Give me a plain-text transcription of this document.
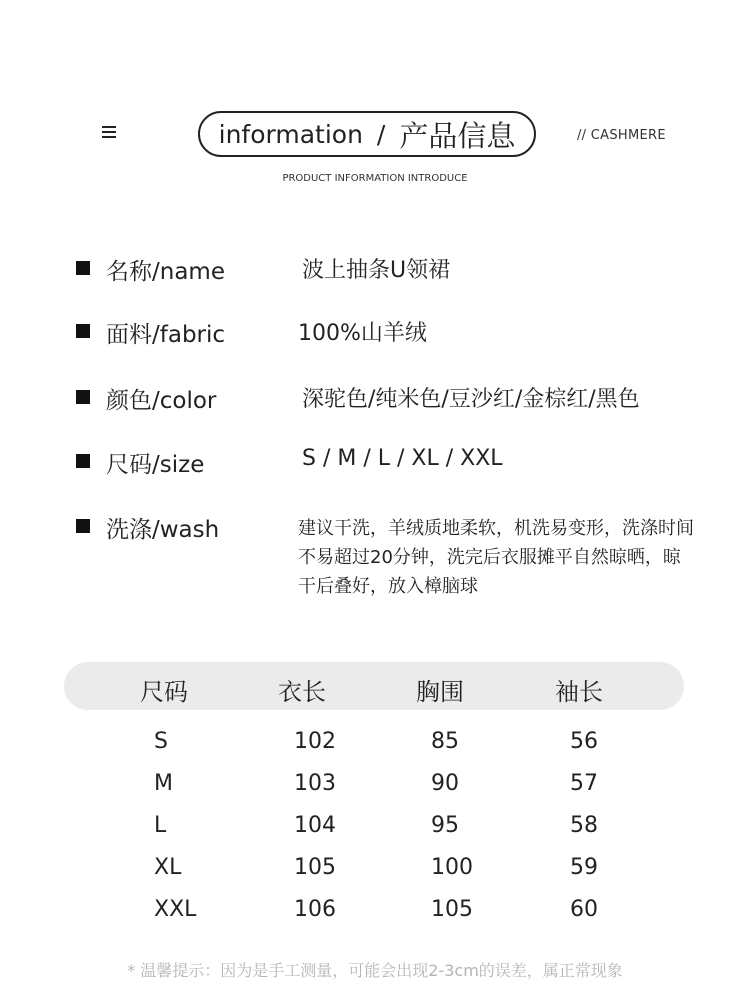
information / 产品信息	// CASHMERE
PRODUCT INFORMATION INTRODUCE
名称/name	波上抽条U领裙
面料/fabric	100%山羊绒
颜色/color	深驼色/纯米色/豆沙红/金棕红/黑色
尺码/size	S / M / L / XL / XXL
洗涤/wash	建议干洗，羊绒质地柔软，机洗易变形，洗涤时间不易超过20分钟，洗完后衣服摊平自然晾晒，晾干后叠好，放入樟脑球
尺码	衣长	胸围	袖长
S	102	85	56
M	103	90	57
L	104	95	58
XL	105	100	59
XXL	106	105	60
* 温馨提示：因为是手工测量，可能会出现2-3cm的误差，属正常现象
